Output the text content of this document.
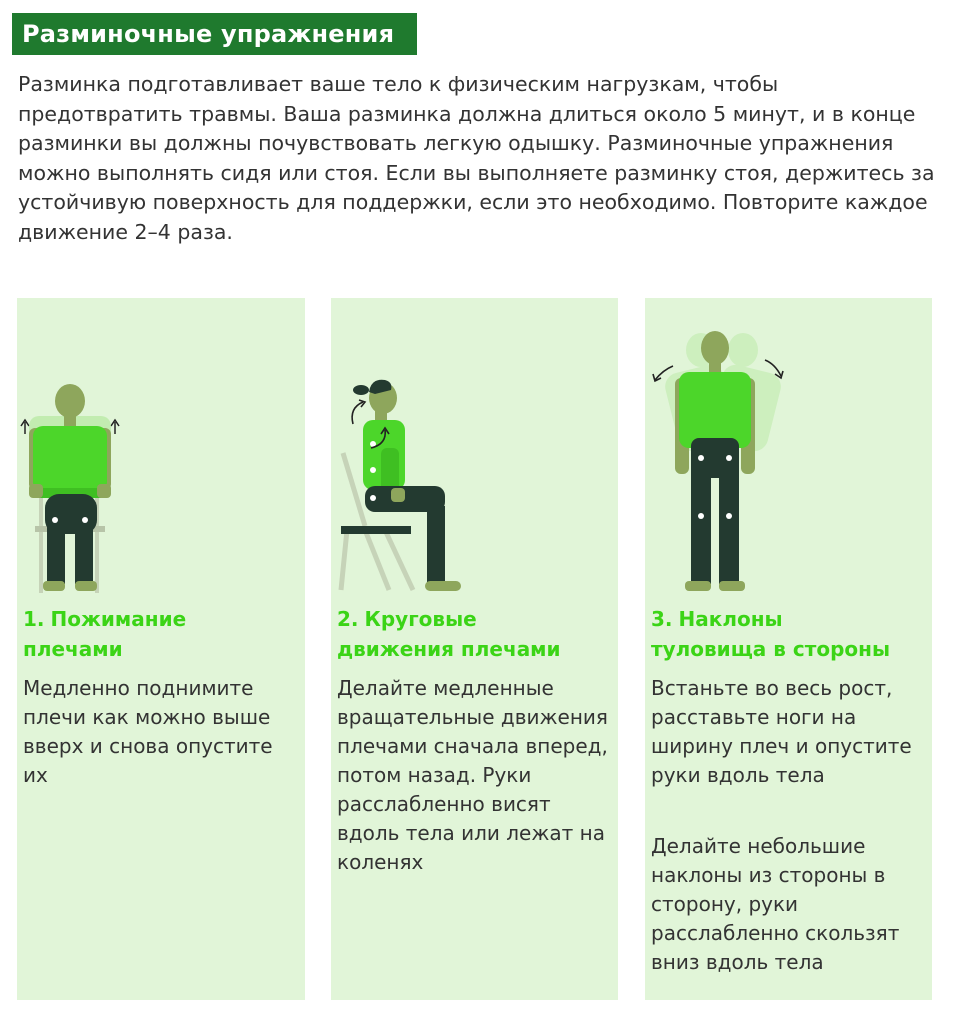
Разминочные упражнения

Разминка подготавливает ваше тело к физическим нагрузкам, чтобы предотвратить травмы. Ваша разминка должна длиться около 5 минут, и в конце разминки вы должны почувствовать легкую одышку. Разминочные упражнения можно выполнять сидя или стоя. Если вы выполняете разминку стоя, держитесь за устойчивую поверхность для поддержки, если это необходимо. Повторите каждое движение 2–4 раза.

1. Пожимание
плечами

Медленно поднимите плечи как можно выше вверх и снова опустите их

2. Круговые
движения плечами

Делайте медленные вращательные движения плечами сначала вперед, потом назад. Руки расслабленно висят вдоль тела или лежат на коленях

3. Наклоны
туловища в стороны

Встаньте во весь рост, расставьте ноги на ширину плеч и опустите руки вдоль тела

Делайте небольшие наклоны из стороны в сторону, руки расслабленно скользят вниз вдоль тела
